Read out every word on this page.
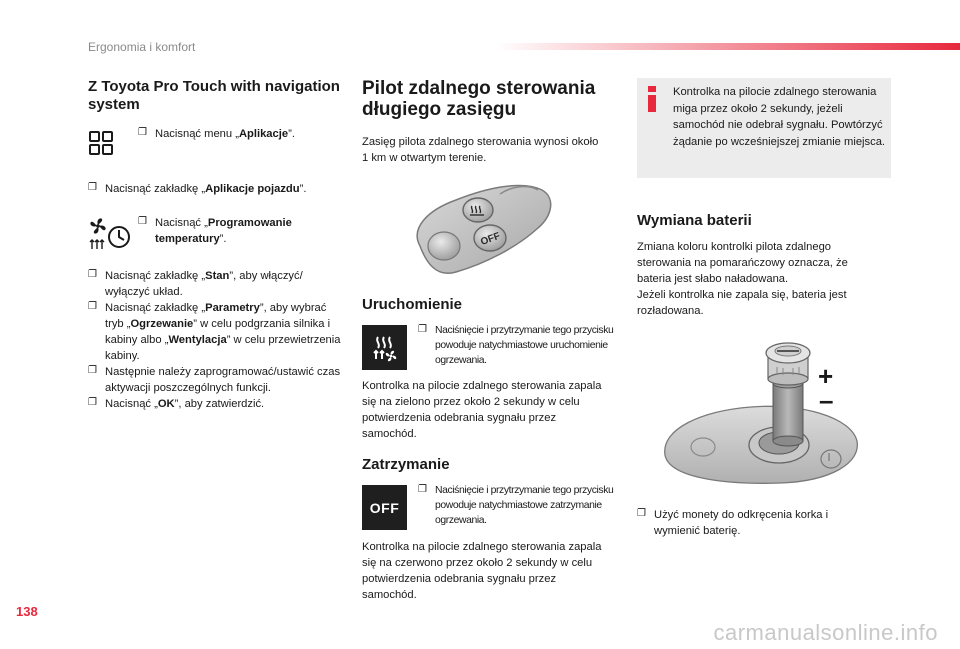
Ergonomia i komfort
Z Toyota Pro Touch with navigation system
❐ Nacisnąć menu „Aplikacje”.
❐ Nacisnąć zakładkę „Aplikacje pojazdu”.
❐ Nacisnąć „Programowanie temperatury”.
❐ Nacisnąć zakładkę „Stan”, aby włączyć/ wyłączyć układ.
❐ Nacisnąć zakładkę „Parametry”, aby wybrać tryb „Ogrzewanie” w celu podgrzania silnika i kabiny albo „Wentylacja” w celu przewietrzenia kabiny.
❐ Następnie należy zaprogramować/ustawić czas aktywacji poszczególnych funkcji.
❐ Nacisnąć „OK”, aby zatwierdzić.
Pilot zdalnego sterowania długiego zasięgu

Zasięg pilota zdalnego sterowania wynosi około 1 km w otwartym terenie.

OFF
Uruchomienie
❐ Naciśnięcie i przytrzymanie tego przycisku powoduje natychmiastowe uruchomienie ogrzewania.

Kontrolka na pilocie zdalnego sterowania zapala się na zielono przez około 2 sekundy w celu potwierdzenia odebrania sygnału przez samochód.

Zatrzymanie
OFF
❐ Naciśnięcie i przytrzymanie tego przycisku powoduje natychmiastowe zatrzymanie ogrzewania.

Kontrolka na pilocie zdalnego sterowania zapala się na czerwono przez około 2 sekundy w celu potwierdzenia odebrania sygnału przez samochód.

Kontrolka na pilocie zdalnego sterowania miga przez około 2 sekundy, jeżeli samochód nie odebrał sygnału. Powtórzyć żądanie po wcześniejszej zmianie miejsca.
Wymiana baterii

Zmiana koloru kontrolki pilota zdalnego sterowania na pomarańczowy oznacza, że bateria jest słabo naładowana.

Jeżeli kontrolka nie zapala się, bateria jest rozładowana.

+
–
❐ Użyć monety do odkręcenia korka i wymienić baterię.
138
carmanualsonline.info
